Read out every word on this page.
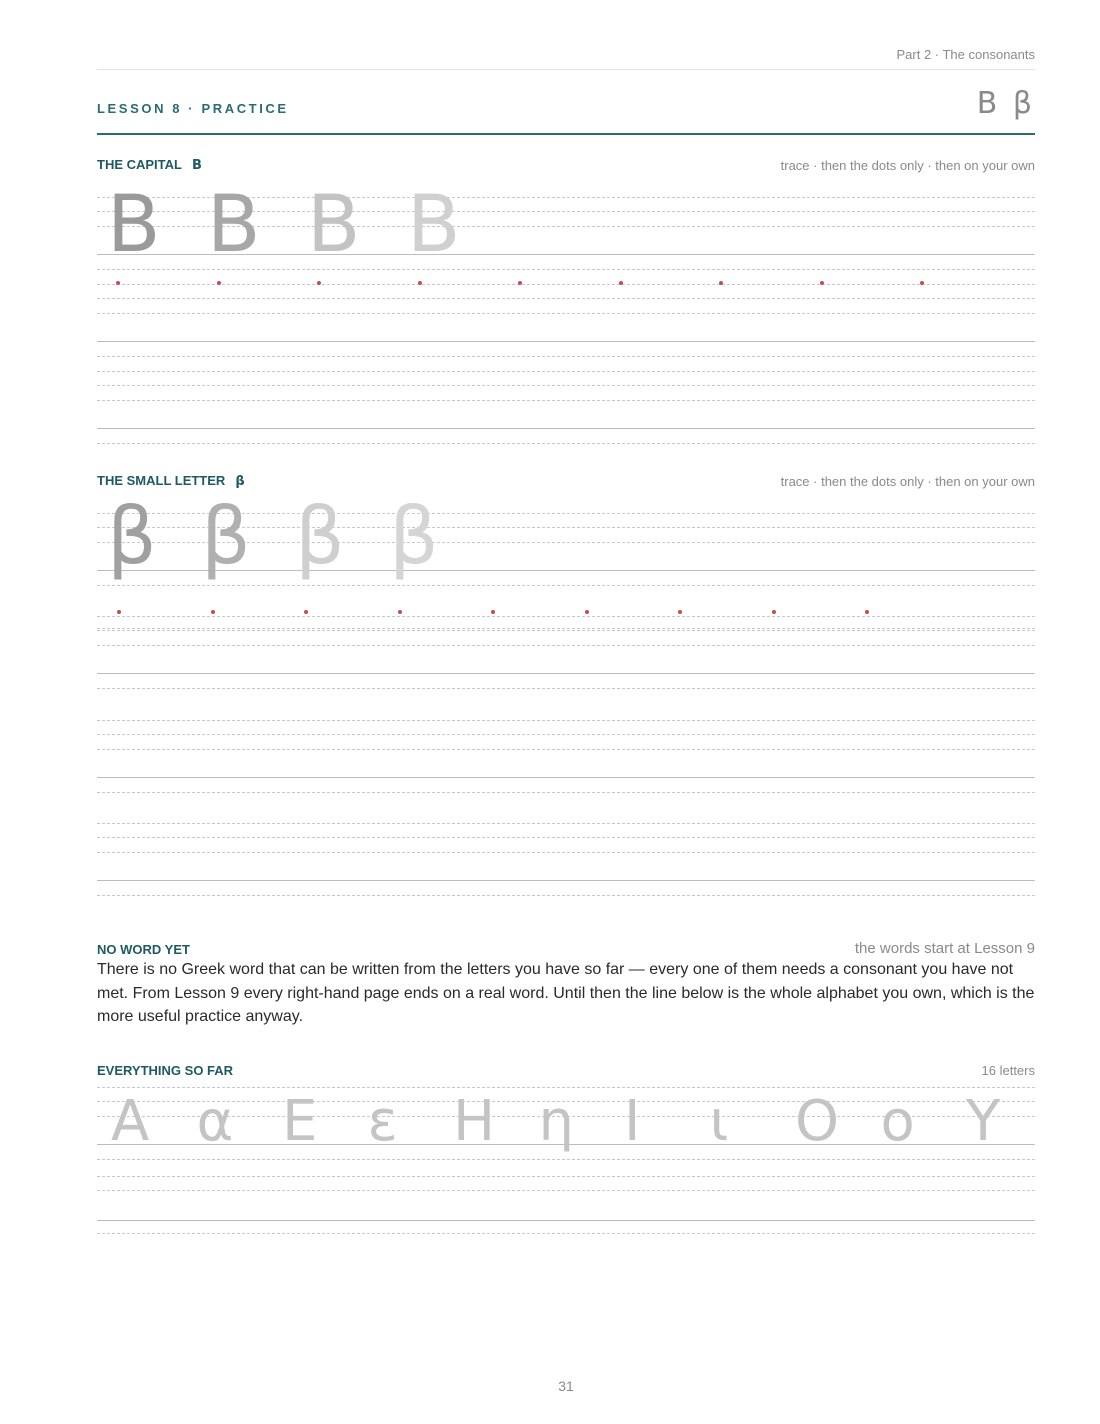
Part 2 · The consonants
LESSON 8 · PRACTICE	Β β
THE CAPITAL Β	trace · then the dots only · then on your own
Β Β Β Β
THE SMALL LETTER β	trace · then the dots only · then on your own
β β β β
NO WORD YET	the words start at Lesson 9
There is no Greek word that can be written from the letters you have so far — every one of them needs a consonant you have not met. From Lesson 9 every right-hand page ends on a real word. Until then the line below is the whole alphabet you own, which is the more useful practice anyway.
EVERYTHING SO FAR	16 letters
Α α Ε ε Η η Ι ι Ο ο Υ
31
